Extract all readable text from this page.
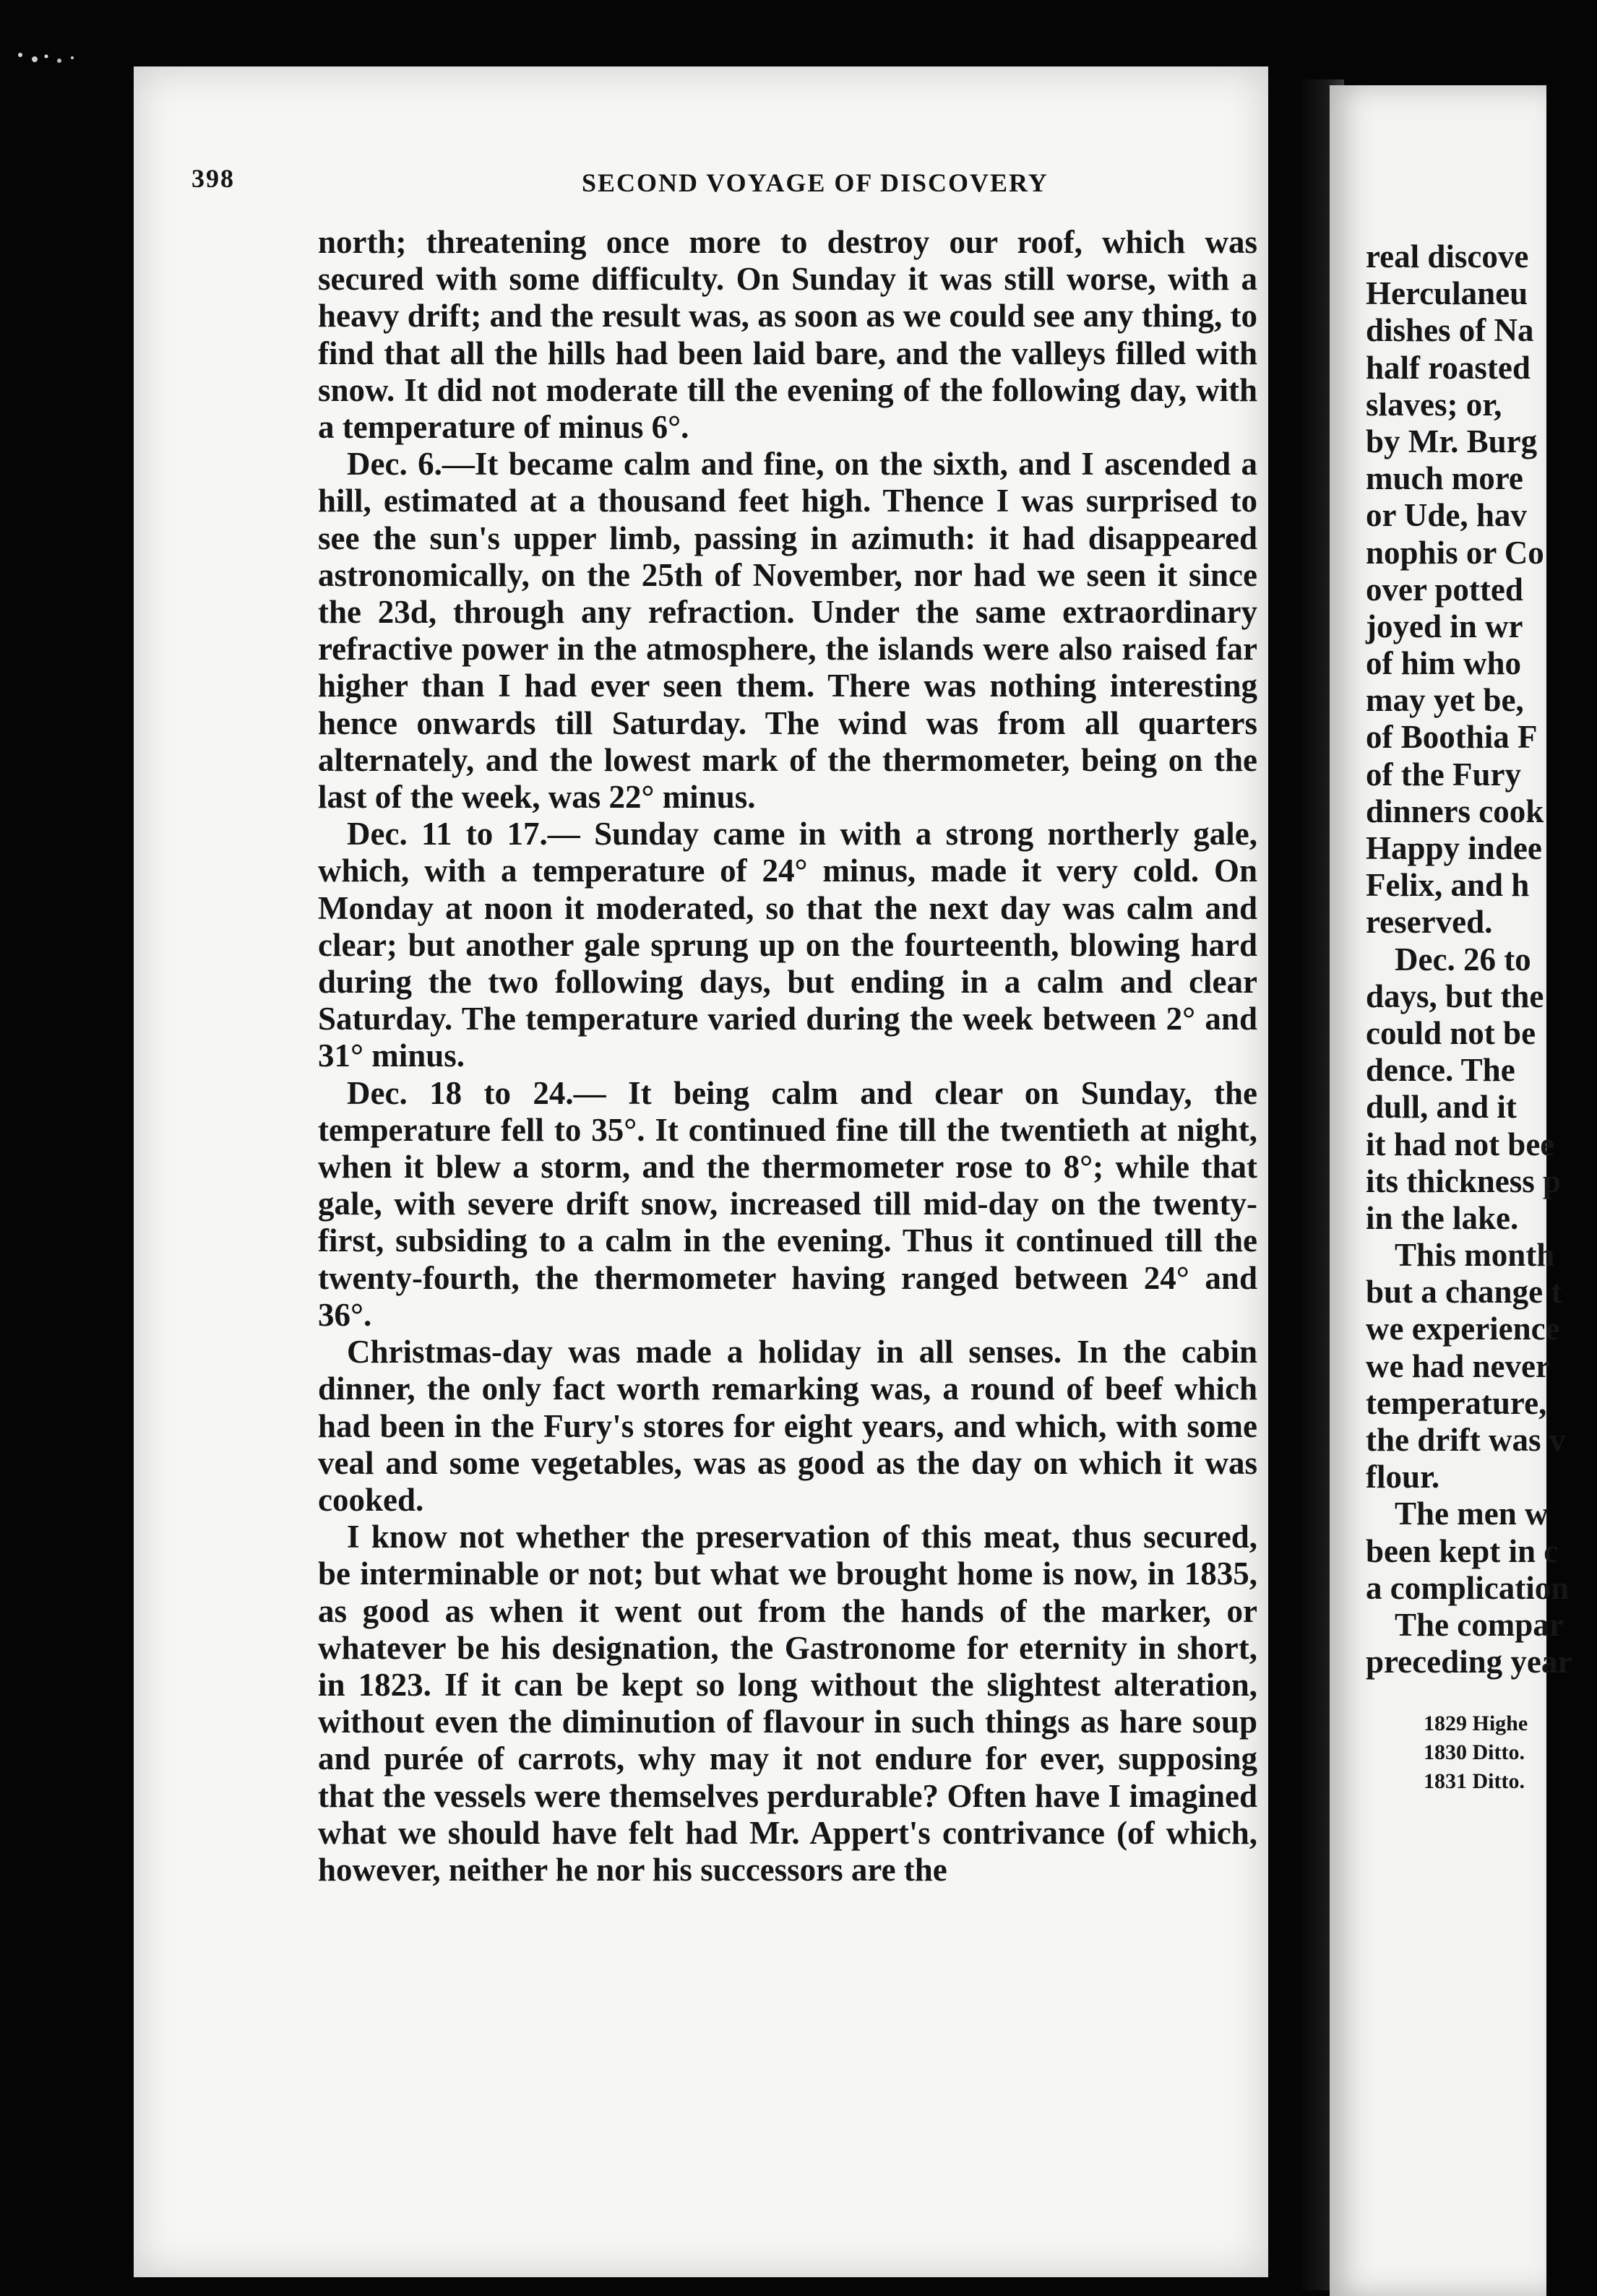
398	SECOND VOYAGE OF DISCOVERY

north; threatening once more to destroy our roof, which was secured with some difficulty. On Sunday it was still worse, with a heavy drift; and the result was, as soon as we could see any thing, to find that all the hills had been laid bare, and the valleys filled with snow. It did not moderate till the evening of the following day, with a temperature of minus 6°.

Dec. 6.—It became calm and fine, on the sixth, and I ascended a hill, estimated at a thousand feet high. Thence I was surprised to see the sun's upper limb, passing in azimuth: it had disappeared astronomically, on the 25th of November, nor had we seen it since the 23d, through any refraction. Under the same extraordinary refractive power in the atmosphere, the islands were also raised far higher than I had ever seen them. There was nothing interesting hence onwards till Saturday. The wind was from all quarters alternately, and the lowest mark of the thermometer, being on the last of the week, was 22° minus.

Dec. 11 to 17.— Sunday came in with a strong northerly gale, which, with a temperature of 24° minus, made it very cold. On Monday at noon it moderated, so that the next day was calm and clear; but another gale sprung up on the fourteenth, blowing hard during the two following days, but ending in a calm and clear Saturday. The temperature varied during the week between 2° and 31° minus.

Dec. 18 to 24.— It being calm and clear on Sunday, the temperature fell to 35°. It continued fine till the twentieth at night, when it blew a storm, and the thermometer rose to 8°; while that gale, with severe drift snow, increased till mid-day on the twenty-first, subsiding to a calm in the evening. Thus it continued till the twenty-fourth, the thermometer having ranged between 24° and 36°.

Christmas-day was made a holiday in all senses. In the cabin dinner, the only fact worth remarking was, a round of beef which had been in the Fury's stores for eight years, and which, with some veal and some vegetables, was as good as the day on which it was cooked.

I know not whether the preservation of this meat, thus secured, be interminable or not; but what we brought home is now, in 1835, as good as when it went out from the hands of the marker, or whatever be his designation, the Gastronome for eternity in short, in 1823. If it can be kept so long without the slightest alteration, without even the diminution of flavour in such things as hare soup and purée of carrots, why may it not endure for ever, supposing that the vessels were themselves perdurable? Often have I imagined what we should have felt had Mr. Appert's contrivance (of which, however, neither he nor his successors are the

real discove
Herculaneu
dishes of Na
half roasted
slaves; or,
by Mr. Burg
much more
or Ude, hav
nophis or Co
over potted
joyed in wr
of him who
may yet be,
of Boothia F
of the Fury
dinners cook
Happy indee
Felix, and h
reserved.
Dec. 26 to
days, but the
could not be
dence. The
dull, and it
it had not bee
its thickness p
in the lake.
This month
but a change t
we experience
we had never
temperature,
the drift was v
flour.
The men w
been kept in c
a complication
The compar
preceding year
1829 Highe
1830 Ditto.
1831 Ditto.
